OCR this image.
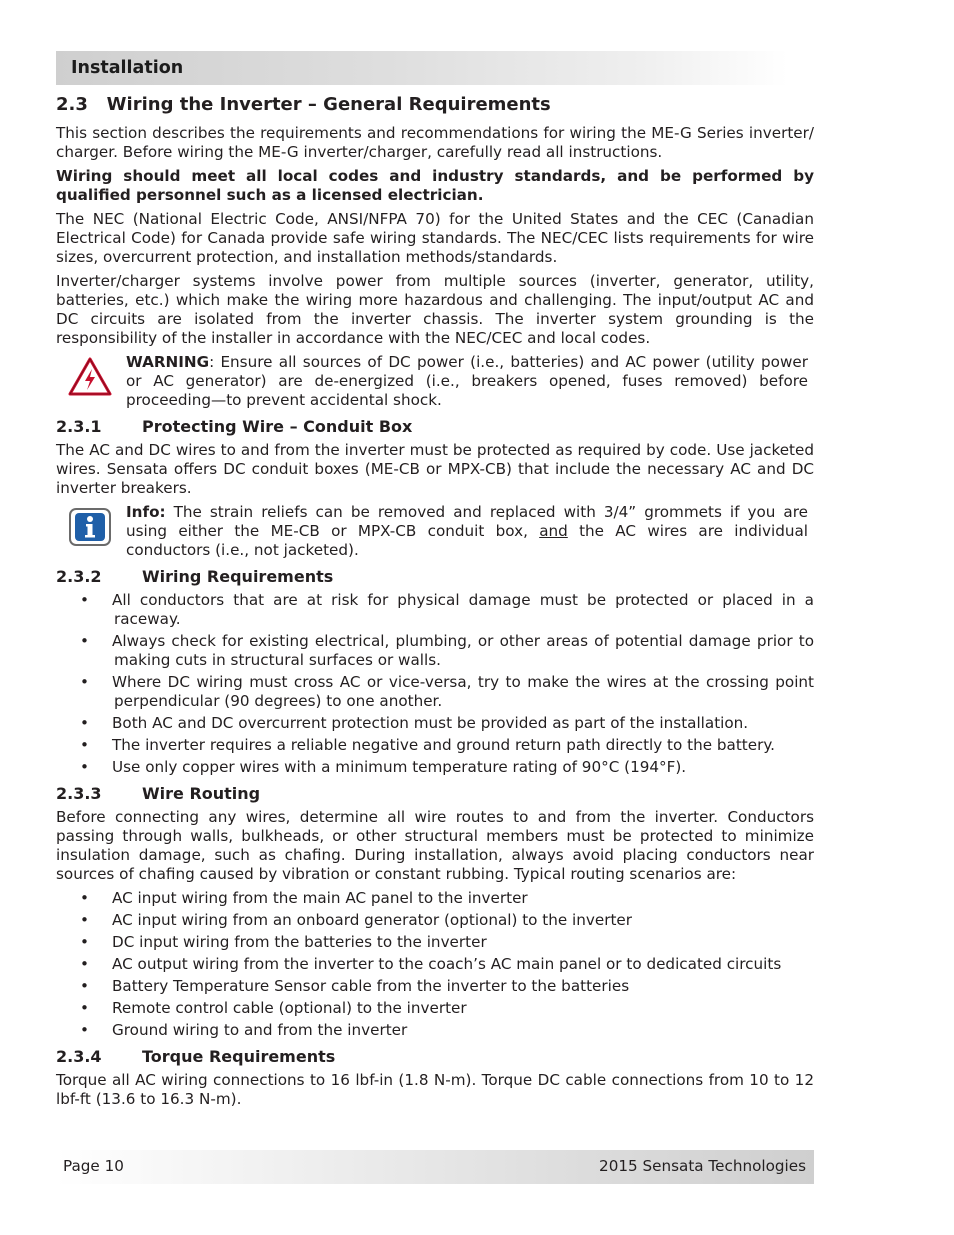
Installation
2.3   Wiring the Inverter – General Requirements

This section describes the requirements and recommendations for wiring the ME-G Series inverter/ charger. Before wiring the ME-G inverter/charger, carefully read all instructions.

Wiring should meet all local codes and industry standards, and be performed by qualified personnel such as a licensed electrician.

The NEC (National Electric Code, ANSI/NFPA 70) for the United States and the CEC (Canadian Electrical Code) for Canada provide safe wiring standards. The NEC/CEC lists requirements for wire sizes, overcurrent protection, and installation methods/standards.

Inverter/charger systems involve power from multiple sources (inverter, generator, utility, batteries, etc.) which make the wiring more hazardous and challenging. The input/output AC and DC circuits are isolated from the inverter chassis. The inverter system grounding is the responsibility of the installer in accordance with the NEC/CEC and local codes.

WARNING: Ensure all sources of DC power (i.e., batteries) and AC power (utility power or AC generator) are de-energized (i.e., breakers opened, fuses removed) before proceeding—to prevent accidental shock.
2.3.1	Protecting Wire – Conduit Box

The AC and DC wires to and from the inverter must be protected as required by code. Use jacketed wires. Sensata offers DC conduit boxes (ME-CB or MPX-CB) that include the necessary AC and DC inverter breakers.

Info: The strain reliefs can be removed and replaced with 3/4” grommets if you are using either the ME-CB or MPX-CB conduit box, and the AC wires are individual conductors (i.e., not jacketed).
2.3.2	Wiring Requirements
• All conductors that are at risk for physical damage must be protected or placed in a raceway.
• Always check for existing electrical, plumbing, or other areas of potential damage prior to making cuts in structural surfaces or walls.
• Where DC wiring must cross AC or vice-versa, try to make the wires at the crossing point perpendicular (90 degrees) to one another.
• Both AC and DC overcurrent protection must be provided as part of the installation.
• The inverter requires a reliable negative and ground return path directly to the battery.
• Use only copper wires with a minimum temperature rating of 90°C (194°F).
2.3.3	Wire Routing

Before connecting any wires, determine all wire routes to and from the inverter. Conductors passing through walls, bulkheads, or other structural members must be protected to minimize insulation damage, such as chafing. During installation, always avoid placing conductors near sources of chafing caused by vibration or constant rubbing. Typical routing scenarios are:

• AC input wiring from the main AC panel to the inverter
• AC input wiring from an onboard generator (optional) to the inverter
• DC input wiring from the batteries to the inverter
• AC output wiring from the inverter to the coach’s AC main panel or to dedicated circuits
• Battery Temperature Sensor cable from the inverter to the batteries
• Remote control cable (optional) to the inverter
• Ground wiring to and from the inverter
2.3.4	Torque Requirements

Torque all AC wiring connections to 16 lbf-in (1.8 N-m). Torque DC cable connections from 10 to 12 lbf-ft (13.6 to 16.3 N-m).

Page 10	2015 Sensata Technologies
